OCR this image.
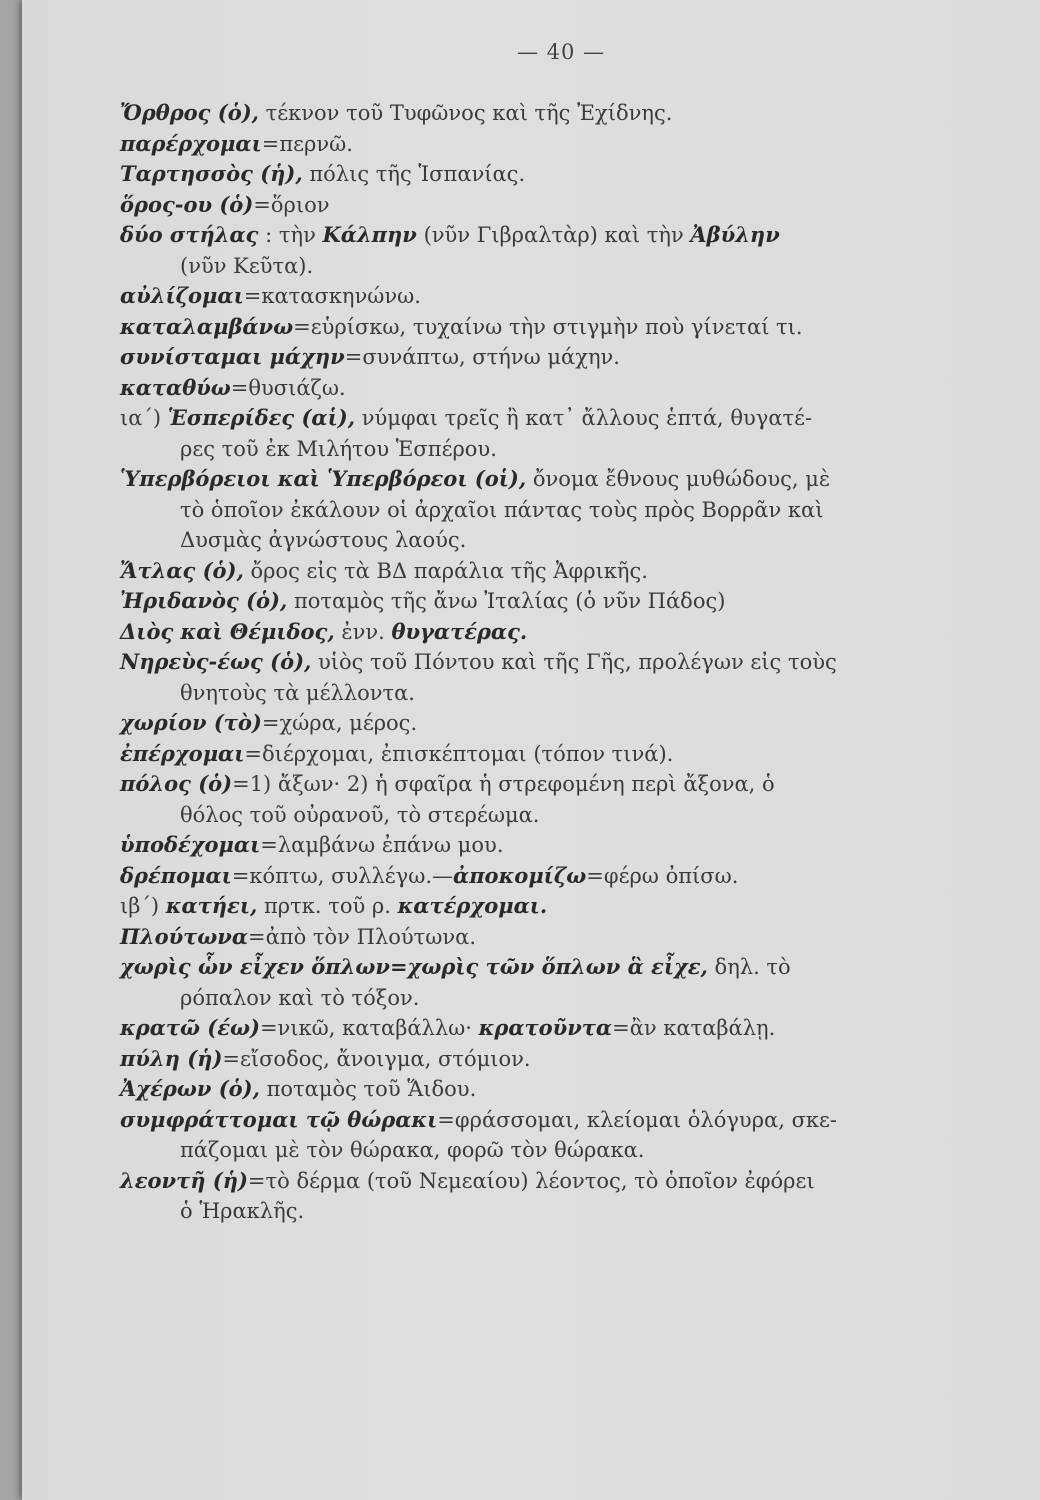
— 40 —
Ὄρθρος (ὁ), τέκνον τοῦ Τυφῶνος καὶ τῆς Ἐχίδνης.
παρέρχομαι=περνῶ.
Ταρτησσὸς (ἡ), πόλις τῆς Ἱσπανίας.
ὅρος-ου (ὁ)=ὅριον
δύο στήλας : τὴν Κάλπην (νῦν Γιβραλτὰρ) καὶ τὴν Ἀβύλην
(νῦν Κεῦτα).
αὐλίζομαι=κατασκηνώνω.
καταλαμβάνω=εὑρίσκω, τυχαίνω τὴν στιγμὴν ποὺ γίνεταί τι.
συνίσταμαι μάχην=συνάπτω, στήνω μάχην.
καταθύω=θυσιάζω.
ια΄) Ἑσπερίδες (αἱ), νύμφαι τρεῖς ἢ κατ᾽ ἄλλους ἑπτά, θυγατέ-
ρες τοῦ ἐκ Μιλήτου Ἑσπέρου.
Ὑπερβόρειοι καὶ Ὑπερβόρεοι (οἱ), ὄνομα ἔθνους μυθώδους, μὲ
τὸ ὁποῖον ἐκάλουν οἱ ἀρχαῖοι πάντας τοὺς πρὸς Βορρᾶν καὶ
Δυσμὰς ἀγνώστους λαούς.
Ἄτλας (ὁ), ὄρος εἰς τὰ ΒΔ παράλια τῆς Ἀφρικῆς.
Ἠριδανὸς (ὁ), ποταμὸς τῆς ἄνω Ἰταλίας (ὁ νῦν Πάδος)
Διὸς καὶ Θέμιδος, ἐνν. θυγατέρας.
Νηρεὺς-έως (ὁ), υἱὸς τοῦ Πόντου καὶ τῆς Γῆς, προλέγων εἰς τοὺς
θνητοὺς τὰ μέλλοντα.
χωρίον (τὸ)=χώρα, μέρος.
ἐπέρχομαι=διέρχομαι, ἐπισκέπτομαι (τόπον τινά).
πόλος (ὁ)=1) ἄξων· 2) ἡ σφαῖρα ἡ στρεφομένη περὶ ἄξονα, ὁ
θόλος τοῦ οὐρανοῦ, τὸ στερέωμα.
ὑποδέχομαι=λαμβάνω ἐπάνω μου.
δρέπομαι=κόπτω, συλλέγω.—ἀποκομίζω=φέρω ὀπίσω.
ιβ΄) κατήει, πρτκ. τοῦ ρ. κατέρχομαι.
Πλούτωνα=ἀπὸ τὸν Πλούτωνα.
χωρὶς ὧν εἶχεν ὅπλων=χωρὶς τῶν ὅπλων ἃ εἶχε, δηλ. τὸ
ρόπαλον καὶ τὸ τόξον.
κρατῶ (έω)=νικῶ, καταβάλλω· κρατοῦντα=ἂν καταβάλῃ.
πύλη (ἡ)=εἴσοδος, ἄνοιγμα, στόμιον.
Ἀχέρων (ὁ), ποταμὸς τοῦ Ἅιδου.
συμφράττομαι τῷ θώρακι=φράσσομαι, κλείομαι ὁλόγυρα, σκε-
πάζομαι μὲ τὸν θώρακα, φορῶ τὸν θώρακα.
λεοντῆ (ἡ)=τὸ δέρμα (τοῦ Νεμεαίου) λέοντος, τὸ ὁποῖον ἐφόρει
ὁ Ἡρακλῆς.
